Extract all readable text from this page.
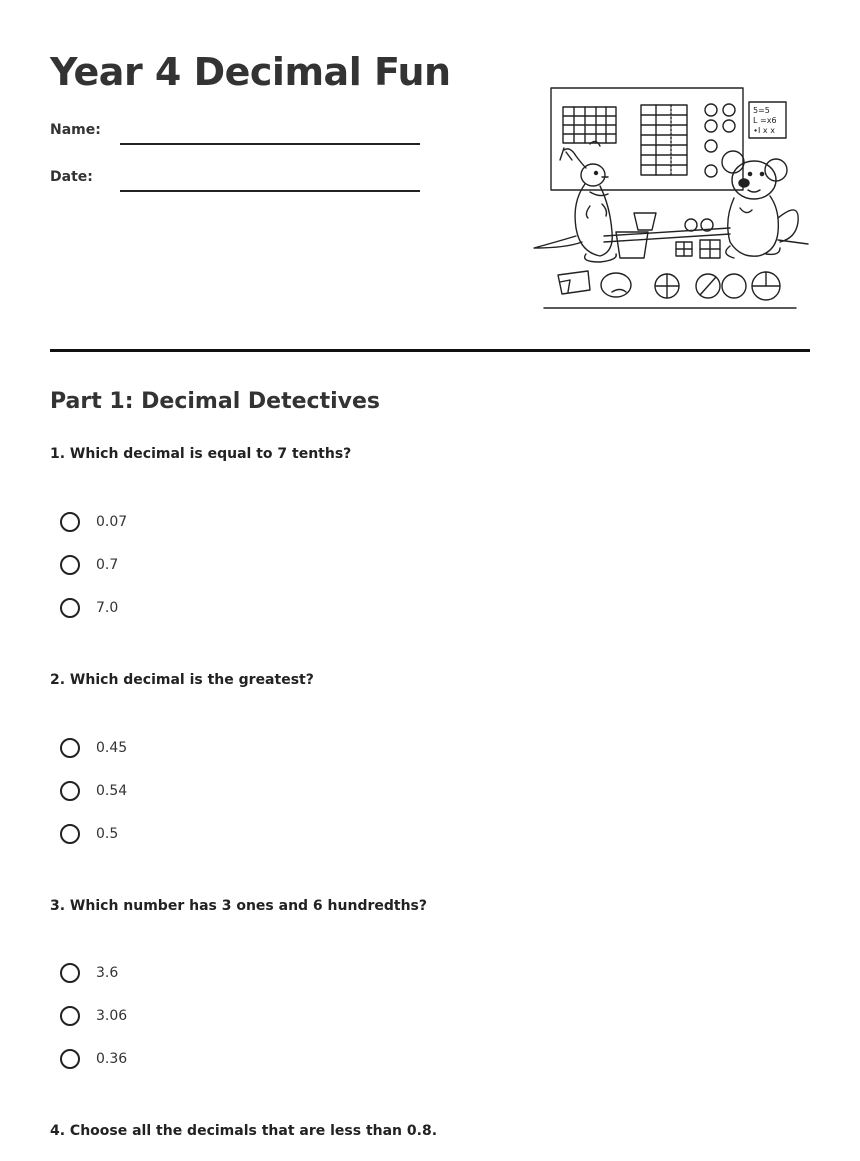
Year 4 Decimal Fun
Name:
Date:
5=⁠5
L =x6
∙I x x
Part 1: Decimal Detectives

1. Which decimal is equal to 7 tenths?

0.07
0.7
7.0

2. Which decimal is the greatest?

0.45
0.54
0.5

3. Which number has 3 ones and 6 hundredths?

3.6
3.06
0.36

4. Choose all the decimals that are less than 0.8.
